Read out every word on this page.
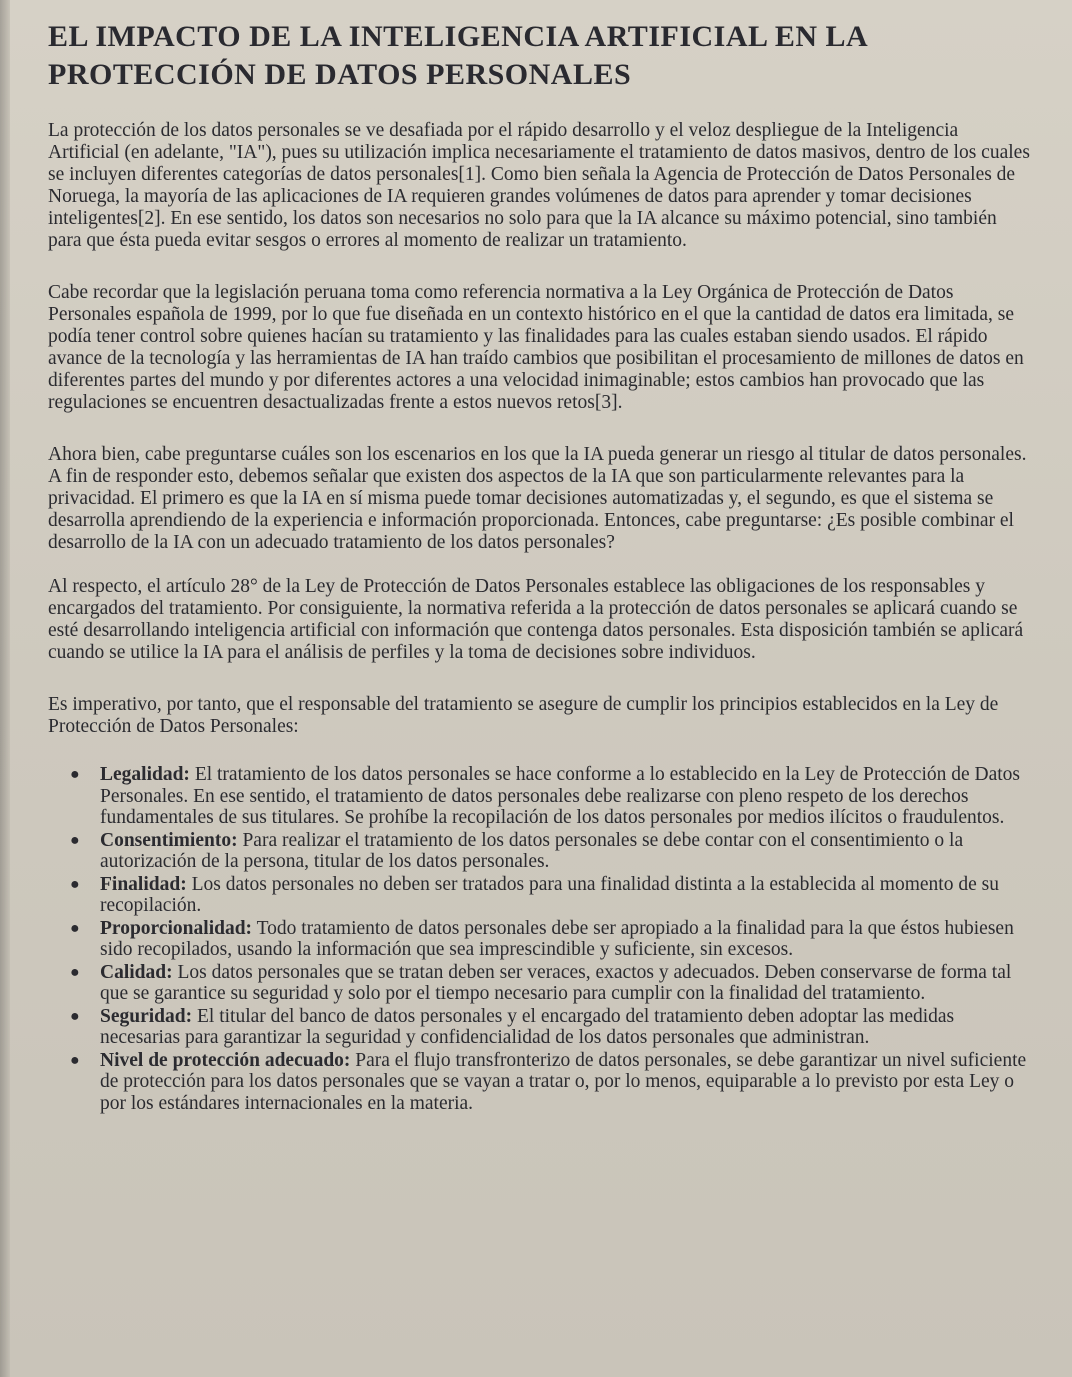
EL IMPACTO DE LA INTELIGENCIA ARTIFICIAL EN LA PROTECCIÓN DE DATOS PERSONALES

La protección de los datos personales se ve desafiada por el rápido desarrollo y el veloz despliegue de la Inteligencia Artificial (en adelante, "IA"), pues su utilización implica necesariamente el tratamiento de datos masivos, dentro de los cuales se incluyen diferentes categorías de datos personales[1]. Como bien señala la Agencia de Protección de Datos Personales de Noruega, la mayoría de las aplicaciones de IA requieren grandes volúmenes de datos para aprender y tomar decisiones inteligentes[2]. En ese sentido, los datos son necesarios no solo para que la IA alcance su máximo potencial, sino también para que ésta pueda evitar sesgos o errores al momento de realizar un tratamiento.

Cabe recordar que la legislación peruana toma como referencia normativa a la Ley Orgánica de Protección de Datos Personales española de 1999, por lo que fue diseñada en un contexto histórico en el que la cantidad de datos era limitada, se podía tener control sobre quienes hacían su tratamiento y las finalidades para las cuales estaban siendo usados. El rápido avance de la tecnología y las herramientas de IA han traído cambios que posibilitan el procesamiento de millones de datos en diferentes partes del mundo y por diferentes actores a una velocidad inimaginable; estos cambios han provocado que las regulaciones se encuentren desactualizadas frente a estos nuevos retos[3].

Ahora bien, cabe preguntarse cuáles son los escenarios en los que la IA pueda generar un riesgo al titular de datos personales. A fin de responder esto, debemos señalar que existen dos aspectos de la IA que son particularmente relevantes para la privacidad. El primero es que la IA en sí misma puede tomar decisiones automatizadas y, el segundo, es que el sistema se desarrolla aprendiendo de la experiencia e información proporcionada. Entonces, cabe preguntarse: ¿Es posible combinar el desarrollo de la IA con un adecuado tratamiento de los datos personales?

Al respecto, el artículo 28° de la Ley de Protección de Datos Personales establece las obligaciones de los responsables y encargados del tratamiento. Por consiguiente, la normativa referida a la protección de datos personales se aplicará cuando se esté desarrollando inteligencia artificial con información que contenga datos personales. Esta disposición también se aplicará cuando se utilice la IA para el análisis de perfiles y la toma de decisiones sobre individuos.

Es imperativo, por tanto, que el responsable del tratamiento se asegure de cumplir los principios establecidos en la Ley de Protección de Datos Personales:

● Legalidad: El tratamiento de los datos personales se hace conforme a lo establecido en la Ley de Protección de Datos Personales. En ese sentido, el tratamiento de datos personales debe realizarse con pleno respeto de los derechos fundamentales de sus titulares. Se prohíbe la recopilación de los datos personales por medios ilícitos o fraudulentos.
● Consentimiento: Para realizar el tratamiento de los datos personales se debe contar con el consentimiento o la autorización de la persona, titular de los datos personales.
● Finalidad: Los datos personales no deben ser tratados para una finalidad distinta a la establecida al momento de su recopilación.
● Proporcionalidad: Todo tratamiento de datos personales debe ser apropiado a la finalidad para la que éstos hubiesen sido recopilados, usando la información que sea imprescindible y suficiente, sin excesos.
● Calidad: Los datos personales que se tratan deben ser veraces, exactos y adecuados. Deben conservarse de forma tal que se garantice su seguridad y solo por el tiempo necesario para cumplir con la finalidad del tratamiento.
● Seguridad: El titular del banco de datos personales y el encargado del tratamiento deben adoptar las medidas necesarias para garantizar la seguridad y confidencialidad de los datos personales que administran.
● Nivel de protección adecuado: Para el flujo transfronterizo de datos personales, se debe garantizar un nivel suficiente de protección para los datos personales que se vayan a tratar o, por lo menos, equiparable a lo previsto por esta Ley o por los estándares internacionales en la materia.
